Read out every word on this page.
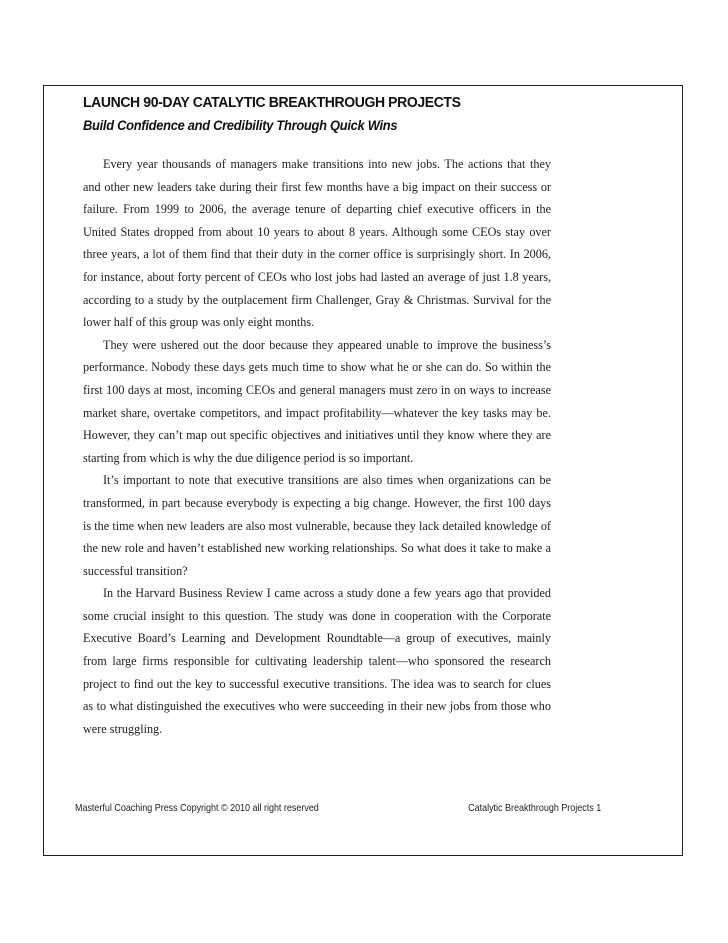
LAUNCH 90-DAY CATALYTIC BREAKTHROUGH PROJECTS
Build Confidence and Credibility Through Quick Wins

Every year thousands of managers make transitions into new jobs. The actions that they and other new leaders take during their first few months have a big impact on their success or failure. From 1999 to 2006, the average tenure of departing chief executive officers in the United States dropped from about 10 years to about 8 years. Although some CEOs stay over three years, a lot of them find that their duty in the corner office is surprisingly short. In 2006, for instance, about forty percent of CEOs who lost jobs had lasted an average of just 1.8 years, according to a study by the outplacement firm Challenger, Gray & Christmas. Survival for the lower half of this group was only eight months.

They were ushered out the door because they appeared unable to improve the business’s performance. Nobody these days gets much time to show what he or she can do. So within the first 100 days at most, incoming CEOs and general managers must zero in on ways to increase market share, overtake competitors, and impact profitability—whatever the key tasks may be. However, they can’t map out specific objectives and initiatives until they know where they are starting from which is why the due diligence period is so important.

It’s important to note that executive transitions are also times when organizations can be transformed, in part because everybody is expecting a big change. However, the first 100 days is the time when new leaders are also most vulnerable, because they lack detailed knowledge of the new role and haven’t established new working relationships. So what does it take to make a successful transition?

In the Harvard Business Review I came across a study done a few years ago that provided some crucial insight to this question. The study was done in cooperation with the Corporate Executive Board’s Learning and Development Roundtable—a group of executives, mainly from large firms responsible for cultivating leadership talent—who sponsored the research project to find out the key to successful executive transitions. The idea was to search for clues as to what distinguished the executives who were succeeding in their new jobs from those who were struggling.

Masterful Coaching Press Copyright © 2010 all right reserved	Catalytic Breakthrough Projects 1
